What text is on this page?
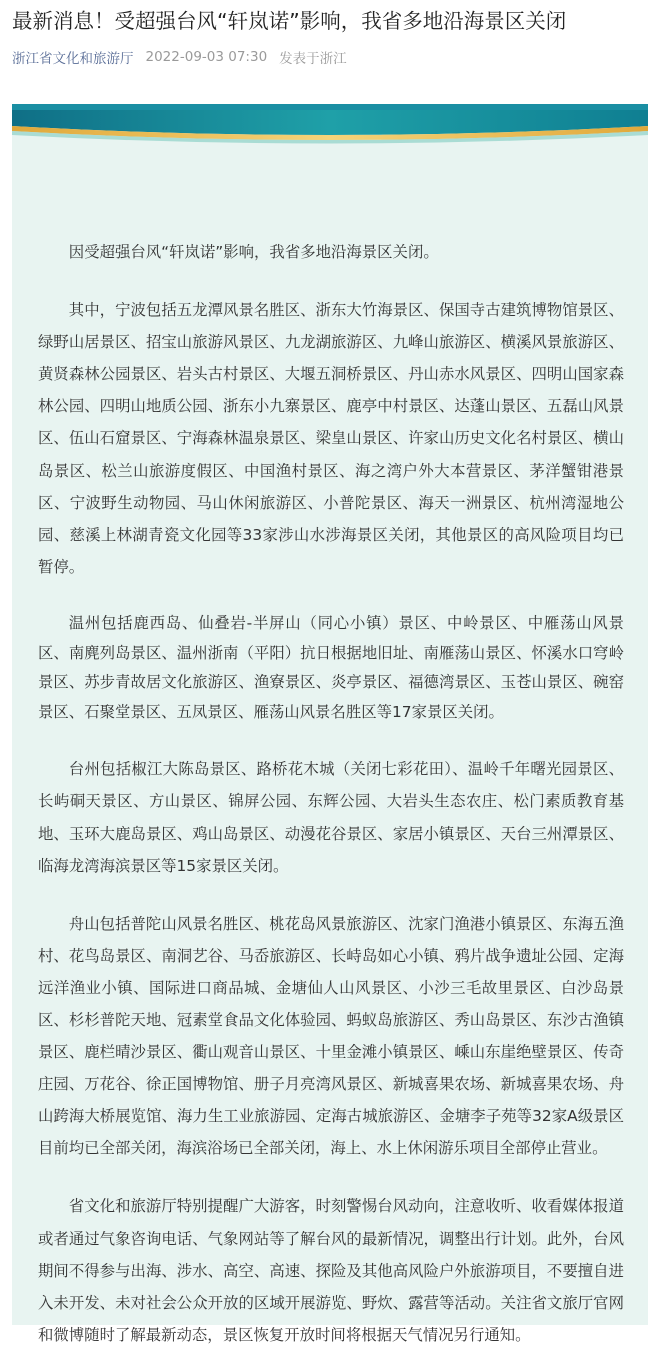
最新消息！受超强台风“轩岚诺”影响，我省多地沿海景区关闭
浙江省文化和旅游厅 2022-09-03 07:30 发表于浙江

因受超强台风“轩岚诺”影响，我省多地沿海景区关闭。

其中，宁波包括五龙潭风景名胜区、浙东大竹海景区、保国寺古建筑博物馆景区、绿野山居景区、招宝山旅游风景区、九龙湖旅游区、九峰山旅游区、横溪风景旅游区、黄贤森林公园景区、岩头古村景区、大堰五洞桥景区、丹山赤水风景区、四明山国家森林公园、四明山地质公园、浙东小九寨景区、鹿亭中村景区、达蓬山景区、五磊山风景区、伍山石窟景区、宁海森林温泉景区、梁皇山景区、许家山历史文化名村景区、横山岛景区、松兰山旅游度假区、中国渔村景区、海之湾户外大本营景区、茅洋蟹钳港景区、宁波野生动物园、马山休闲旅游区、小普陀景区、海天一洲景区、杭州湾湿地公园、慈溪上林湖青瓷文化园等33家涉山水涉海景区关闭，其他景区的高风险项目均已暂停。

温州包括鹿西岛、仙叠岩-半屏山（同心小镇）景区、中岭景区、中雁荡山风景区、南麂列岛景区、温州浙南（平阳）抗日根据地旧址、南雁荡山景区、怀溪水口穹岭景区、苏步青故居文化旅游区、渔寮景区、炎亭景区、福德湾景区、玉苍山景区、碗窑景区、石聚堂景区、五凤景区、雁荡山风景名胜区等17家景区关闭。

台州包括椒江大陈岛景区、路桥花木城（关闭七彩花田）、温岭千年曙光园景区、长屿硐天景区、方山景区、锦屏公园、东辉公园、大岩头生态农庄、松门素质教育基地、玉环大鹿岛景区、鸡山岛景区、动漫花谷景区、家居小镇景区、天台三州潭景区、临海龙湾海滨景区等15家景区关闭。

舟山包括普陀山风景名胜区、桃花岛风景旅游区、沈家门渔港小镇景区、东海五渔村、花鸟岛景区、南洞艺谷、马岙旅游区、长峙岛如心小镇、鸦片战争遗址公园、定海远洋渔业小镇、国际进口商品城、金塘仙人山风景区、小沙三毛故里景区、白沙岛景区、杉杉普陀天地、冠素堂食品文化体验园、蚂蚁岛旅游区、秀山岛景区、东沙古渔镇景区、鹿栏晴沙景区、衢山观音山景区、十里金滩小镇景区、嵊山东崖绝壁景区、传奇庄园、万花谷、徐正国博物馆、册子月亮湾风景区、新城喜果农场、新城喜果农场、舟山跨海大桥展览馆、海力生工业旅游园、定海古城旅游区、金塘李子苑等32家A级景区目前均已全部关闭，海滨浴场已全部关闭，海上、水上休闲游乐项目全部停止营业。

省文化和旅游厅特别提醒广大游客，时刻警惕台风动向，注意收听、收看媒体报道或者通过气象咨询电话、气象网站等了解台风的最新情况，调整出行计划。此外，台风期间不得参与出海、涉水、高空、高速、探险及其他高风险户外旅游项目，不要擅自进入未开发、未对社会公众开放的区域开展游览、野炊、露营等活动。关注省文旅厅官网和微博随时了解最新动态，景区恢复开放时间将根据天气情况另行通知。
